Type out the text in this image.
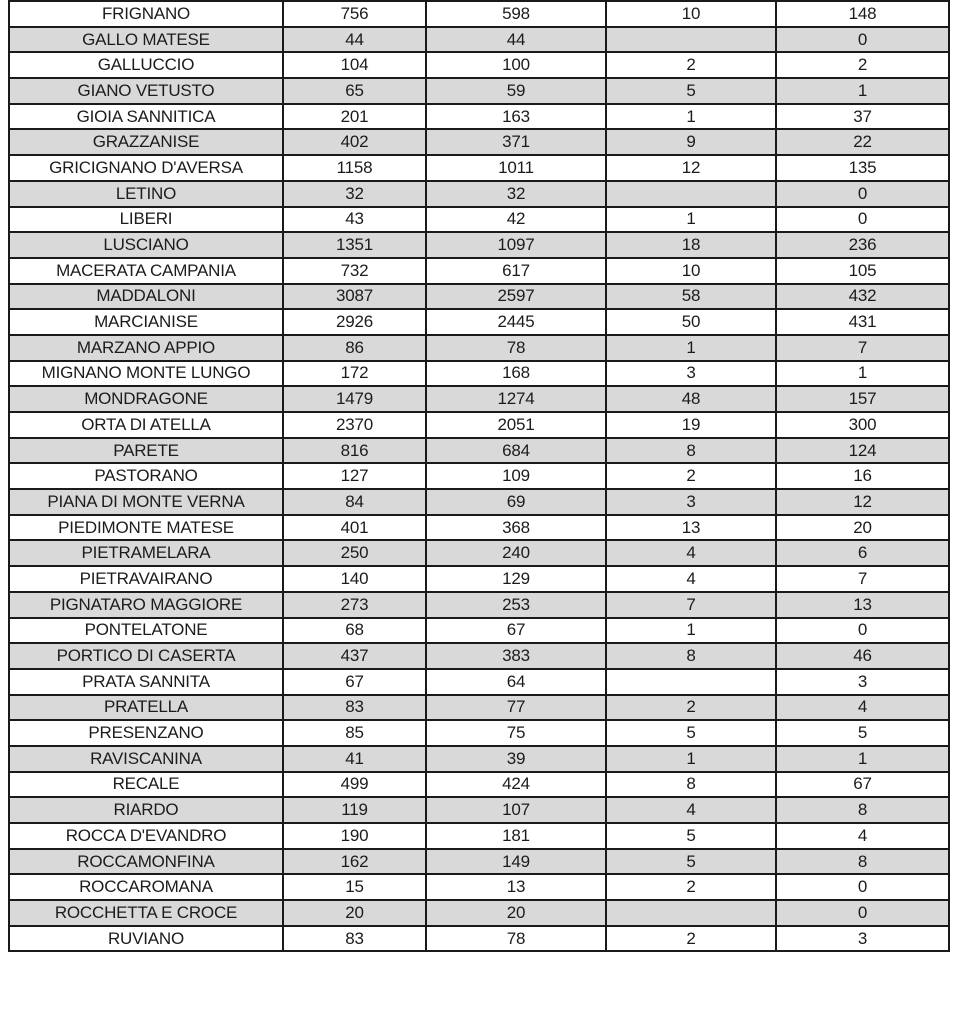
FRIGNANO	756	598	10	148
GALLO MATESE	44	44		0
GALLUCCIO	104	100	2	2
GIANO VETUSTO	65	59	5	1
GIOIA SANNITICA	201	163	1	37
GRAZZANISE	402	371	9	22
GRICIGNANO D'AVERSA	1158	1011	12	135
LETINO	32	32		0
LIBERI	43	42	1	0
LUSCIANO	1351	1097	18	236
MACERATA CAMPANIA	732	617	10	105
MADDALONI	3087	2597	58	432
MARCIANISE	2926	2445	50	431
MARZANO APPIO	86	78	1	7
MIGNANO MONTE LUNGO	172	168	3	1
MONDRAGONE	1479	1274	48	157
ORTA DI ATELLA	2370	2051	19	300
PARETE	816	684	8	124
PASTORANO	127	109	2	16
PIANA DI MONTE VERNA	84	69	3	12
PIEDIMONTE MATESE	401	368	13	20
PIETRAMELARA	250	240	4	6
PIETRAVAIRANO	140	129	4	7
PIGNATARO MAGGIORE	273	253	7	13
PONTELATONE	68	67	1	0
PORTICO DI CASERTA	437	383	8	46
PRATA SANNITA	67	64		3
PRATELLA	83	77	2	4
PRESENZANO	85	75	5	5
RAVISCANINA	41	39	1	1
RECALE	499	424	8	67
RIARDO	119	107	4	8
ROCCA D'EVANDRO	190	181	5	4
ROCCAMONFINA	162	149	5	8
ROCCAROMANA	15	13	2	0
ROCCHETTA E CROCE	20	20		0
RUVIANO	83	78	2	3
